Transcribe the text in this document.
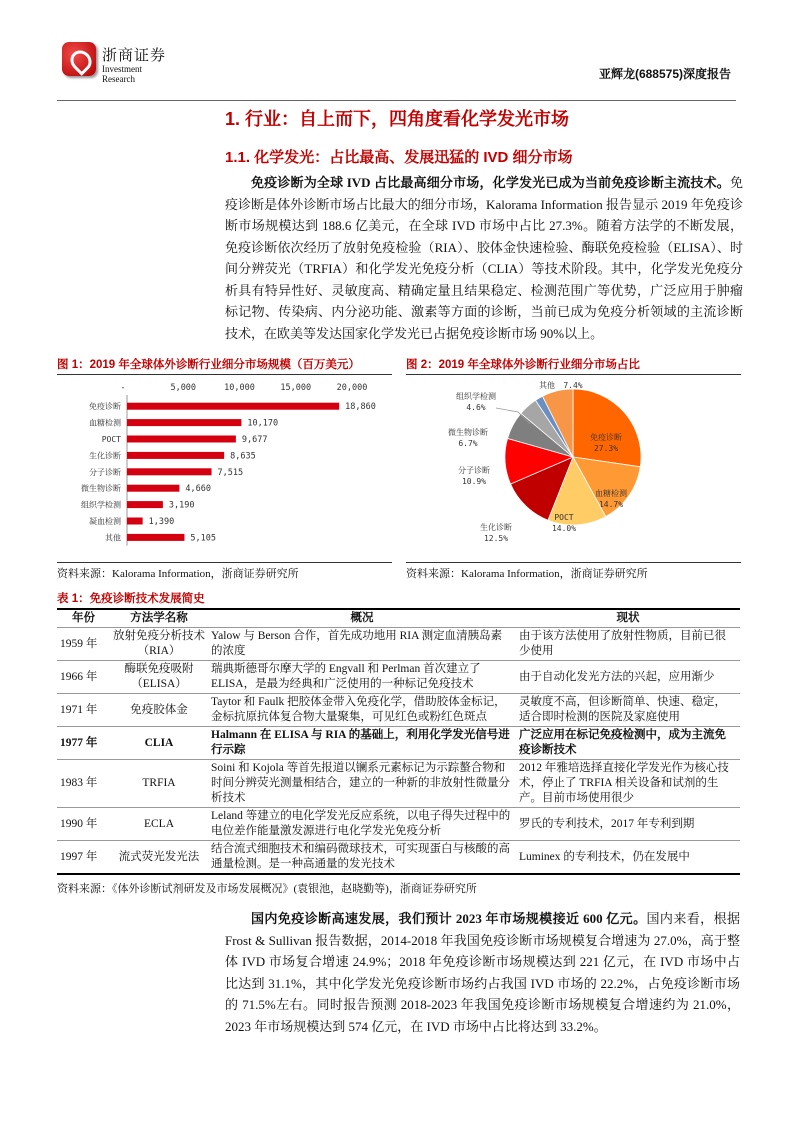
浙商证券
Investment Research	亚辉龙(688575)深度报告
1. 行业：自上而下，四角度看化学发光市场
1.1. 化学发光：占比最高、发展迅猛的 IVD 细分市场

免疫诊断为全球 IVD 占比最高细分市场，化学发光已成为当前免疫诊断主流技术。免疫诊断是体外诊断市场占比最大的细分市场，Kalorama Information 报告显示 2019 年免疫诊断市场规模达到 188.6 亿美元，在全球 IVD 市场中占比 27.3%。随着方法学的不断发展，免疫诊断依次经历了放射免疫检验（RIA）、胶体金快速检验、酶联免疫检验（ELISA）、时间分辨荧光（TRFIA）和化学发光免疫分析（CLIA）等技术阶段。其中，化学发光免疫分析具有特异性好、灵敏度高、精确定量且结果稳定、检测范围广等优势，广泛应用于肿瘤标记物、传染病、内分泌功能、激素等方面的诊断，当前已成为免疫分析领域的主流诊断技术，在欧美等发达国家化学发光已占据免疫诊断市场 90%以上。

图 1：2019 年全球体外诊断行业细分市场规模（百万美元）
-	5,000	10,000	15,000	20,000
免疫诊断	18,860
血糖检测	10,170
POCT	9,677
生化诊断	8,635
分子诊断	7,515
微生物诊断	4,660
组织学检测	3,190
凝血检测	1,390
其他	5,105
资料来源：Kalorama Information，浙商证券研究所
图 2：2019 年全球体外诊断行业细分市场占比
免疫诊断
27.3%
血糖检测
14.7%
POCT
14.0%
生化诊断
12.5%
分子诊断
10.9%
微生物诊断
6.7%
组织学检测
4.6%
其他 7.4%
资料来源：Kalorama Information，浙商证券研究所
表 1：免疫诊断技术发展简史
年份	方法学名称	概况	现状
1959 年	放射免疫分析技术（RIA）	Yalow 与 Berson 合作，首先成功地用 RIA 测定血清胰岛素的浓度	由于该方法使用了放射性物质，目前已很少使用
1966 年	酶联免疫吸附（ELISA）	瑞典斯德哥尔摩大学的 Engvall 和 Perlman 首次建立了 ELISA，是最为经典和广泛使用的一种标记免疫技术	由于自动化发光方法的兴起，应用渐少
1971 年	免疫胶体金	Taytor 和 Faulk 把胶体金带入免疫化学，借助胶体金标记，金标抗原抗体复合物大量聚集，可见红色或粉红色斑点	灵敏度不高，但诊断简单、快速、稳定，适合即时检测的医院及家庭使用
1977 年	CLIA	Halmann 在 ELISA 与 RIA 的基础上，利用化学发光信号进行示踪	广泛应用在标记免疫检测中，成为主流免疫诊断技术
1983 年	TRFIA	Soini 和 Kojola 等首先报道以镧系元素标记为示踪螯合物和时间分辨荧光测量相结合，建立的一种新的非放射性微量分析技术	2012 年雅培选择直接化学发光作为核心技术，停止了 TRFIA 相关设备和试剂的生产。目前市场使用很少
1990 年	ECLA	Leland 等建立的电化学发光反应系统，以电子得失过程中的电位差作能量激发源进行电化学发光免疫分析	罗氏的专利技术，2017 年专利到期
1997 年	流式荧光发光法	结合流式细胞技术和编码微球技术，可实现蛋白与核酸的高通量检测。是一种高通量的发光技术	Luminex 的专利技术，仍在发展中
资料来源：《体外诊断试剂研发及市场发展概况》(袁银池，赵晓勤等)，浙商证券研究所

国内免疫诊断高速发展，我们预计 2023 年市场规模接近 600 亿元。国内来看，根据 Frost & Sullivan 报告数据，2014-2018 年我国免疫诊断市场规模复合增速为 27.0%，高于整体 IVD 市场复合增速 24.9%；2018 年免疫诊断市场规模达到 221 亿元，在 IVD 市场中占比达到 31.1%，其中化学发光免疫诊断市场约占我国 IVD 市场的 22.2%，占免疫诊断市场的 71.5%左右。同时报告预测 2018-2023 年我国免疫诊断市场规模复合增速约为 21.0%，2023 年市场规模达到 574 亿元，在 IVD 市场中占比将达到 33.2%。
